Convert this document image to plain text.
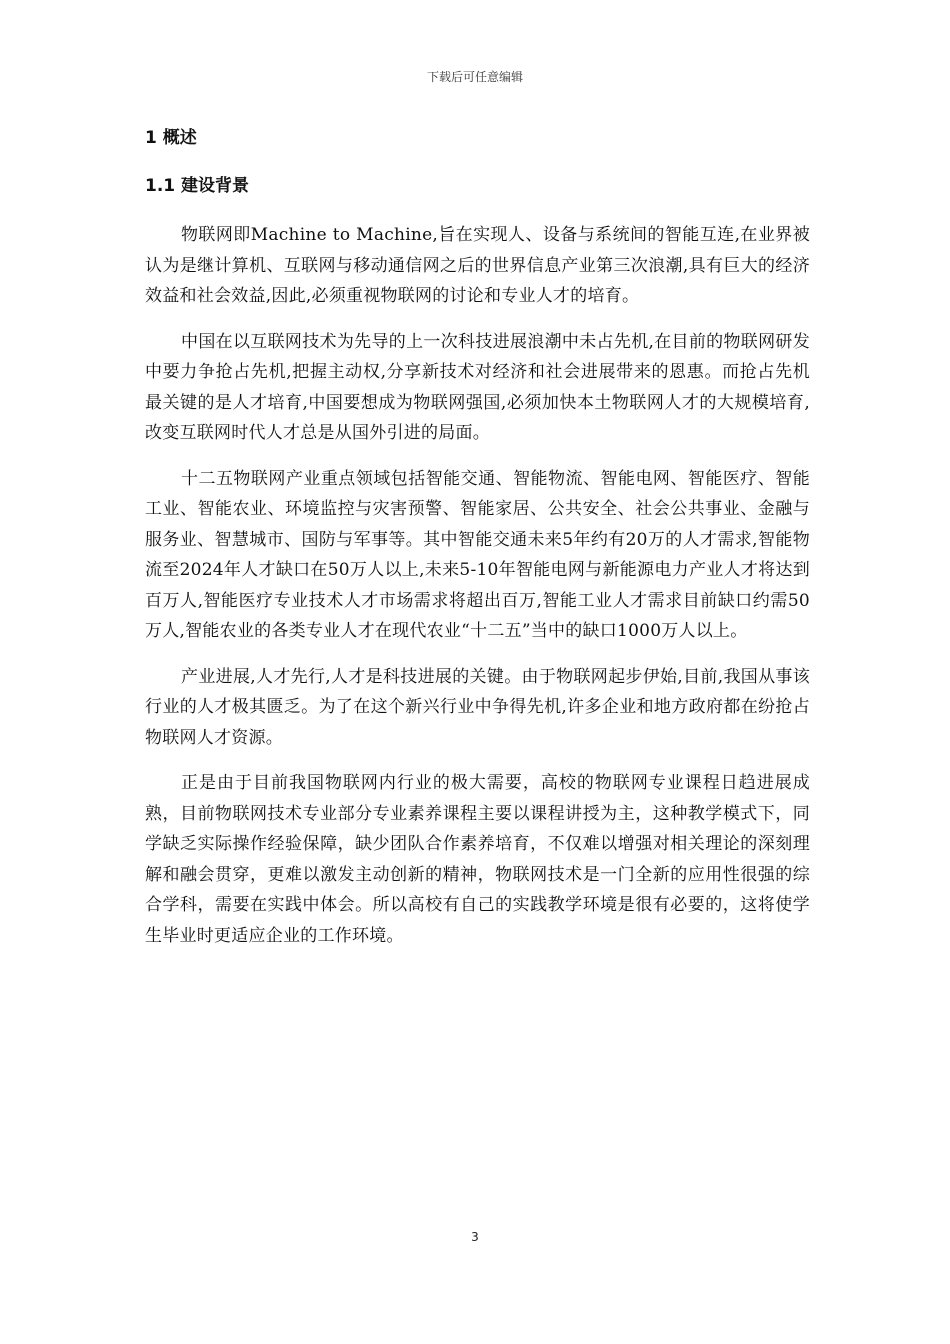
下载后可任意编辑
1 概述
1.1 建设背景

物联网即Machine to Machine,旨在实现人、设备与系统间的智能互连,在业界被认为是继计算机、互联网与移动通信网之后的世界信息产业第三次浪潮,具有巨大的经济效益和社会效益,因此,必须重视物联网的讨论和专业人才的培育。

中国在以互联网技术为先导的上一次科技进展浪潮中未占先机,在目前的物联网研发中要力争抢占先机,把握主动权,分享新技术对经济和社会进展带来的恩惠。而抢占先机最关键的是人才培育,中国要想成为物联网强国,必须加快本土物联网人才的大规模培育,改变互联网时代人才总是从国外引进的局面。

十二五物联网产业重点领域包括智能交通、智能物流、智能电网、智能医疗、智能工业、智能农业、环境监控与灾害预警、智能家居、公共安全、社会公共事业、金融与服务业、智慧城市、国防与军事等。其中智能交通未来5年约有20万的人才需求,智能物流至2024年人才缺口在50万人以上,未来5-10年智能电网与新能源电力产业人才将达到百万人,智能医疗专业技术人才市场需求将超出百万,智能工业人才需求目前缺口约需50万人,智能农业的各类专业人才在现代农业“十二五”当中的缺口1000万人以上。

产业进展,人才先行,人才是科技进展的关键。由于物联网起步伊始,目前,我国从事该行业的人才极其匮乏。为了在这个新兴行业中争得先机,许多企业和地方政府都在纷抢占物联网人才资源。

正是由于目前我国物联网内行业的极大需要，高校的物联网专业课程日趋进展成熟，目前物联网技术专业部分专业素养课程主要以课程讲授为主，这种教学模式下，同学缺乏实际操作经验保障，缺少团队合作素养培育，不仅难以增强对相关理论的深刻理解和融会贯穿，更难以激发主动创新的精神，物联网技术是一门全新的应用性很强的综合学科，需要在实践中体会。所以高校有自己的实践教学环境是很有必要的，这将使学生毕业时更适应企业的工作环境。

3
